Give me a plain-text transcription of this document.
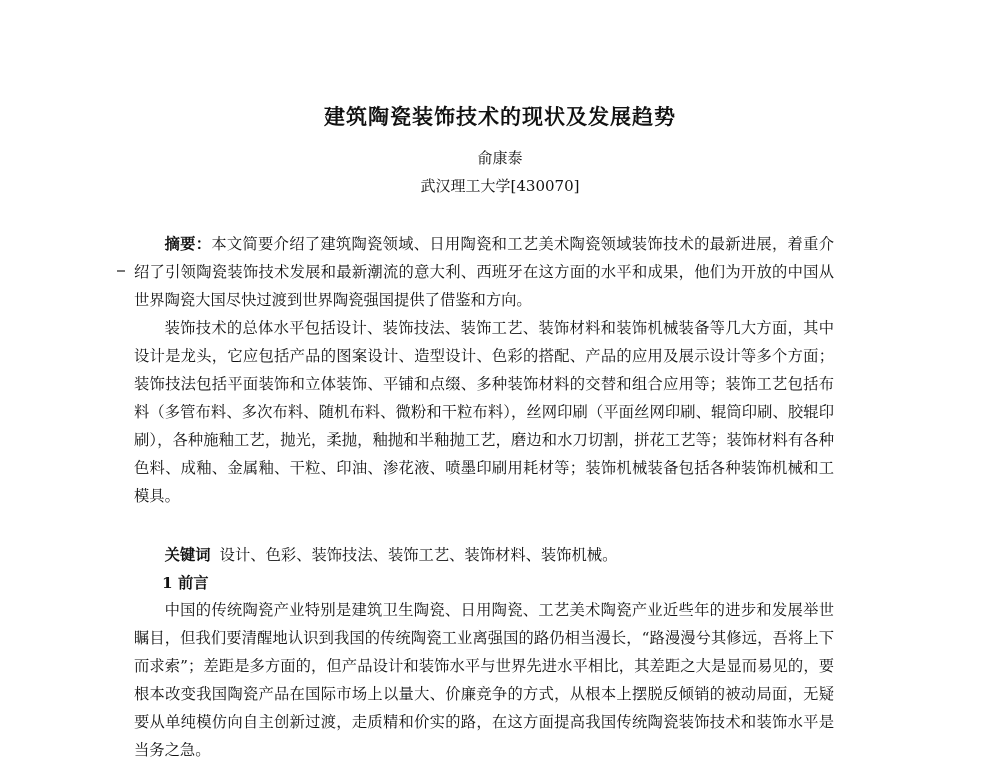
建筑陶瓷装饰技术的现状及发展趋势
俞康泰
武汉理工大学[430070]

摘要：本文简要介绍了建筑陶瓷领域、日用陶瓷和工艺美术陶瓷领域装饰技术的最新进展，着重介绍了引领陶瓷装饰技术发展和最新潮流的意大利、西班牙在这方面的水平和成果，他们为开放的中国从世界陶瓷大国尽快过渡到世界陶瓷强国提供了借鉴和方向。

装饰技术的总体水平包括设计、装饰技法、装饰工艺、装饰材料和装饰机械装备等几大方面，其中设计是龙头，它应包括产品的图案设计、造型设计、色彩的搭配、产品的应用及展示设计等多个方面；装饰技法包括平面装饰和立体装饰、平铺和点缀、多种装饰材料的交替和组合应用等；装饰工艺包括布料（多管布料、多次布料、随机布料、微粉和干粒布料），丝网印刷（平面丝网印刷、辊筒印刷、胶辊印刷），各种施釉工艺，抛光，柔抛，釉抛和半釉抛工艺，磨边和水刀切割，拼花工艺等；装饰材料有各种色料、成釉、金属釉、干粒、印油、渗花液、喷墨印刷用耗材等；装饰机械装备包括各种装饰机械和工模具。

关键词 设计、色彩、装饰技法、装饰工艺、装饰材料、装饰机械。

1 前言

中国的传统陶瓷产业特别是建筑卫生陶瓷、日用陶瓷、工艺美术陶瓷产业近些年的进步和发展举世瞩目，但我们要清醒地认识到我国的传统陶瓷工业离强国的路仍相当漫长，“路漫漫兮其修远，吾将上下而求索”；差距是多方面的，但产品设计和装饰水平与世界先进水平相比，其差距之大是显而易见的，要根本改变我国陶瓷产品在国际市场上以量大、价廉竞争的方式，从根本上摆脱反倾销的被动局面，无疑要从单纯模仿向自主创新过渡，走质精和价实的路，在这方面提高我国传统陶瓷装饰技术和装饰水平是当务之急。
